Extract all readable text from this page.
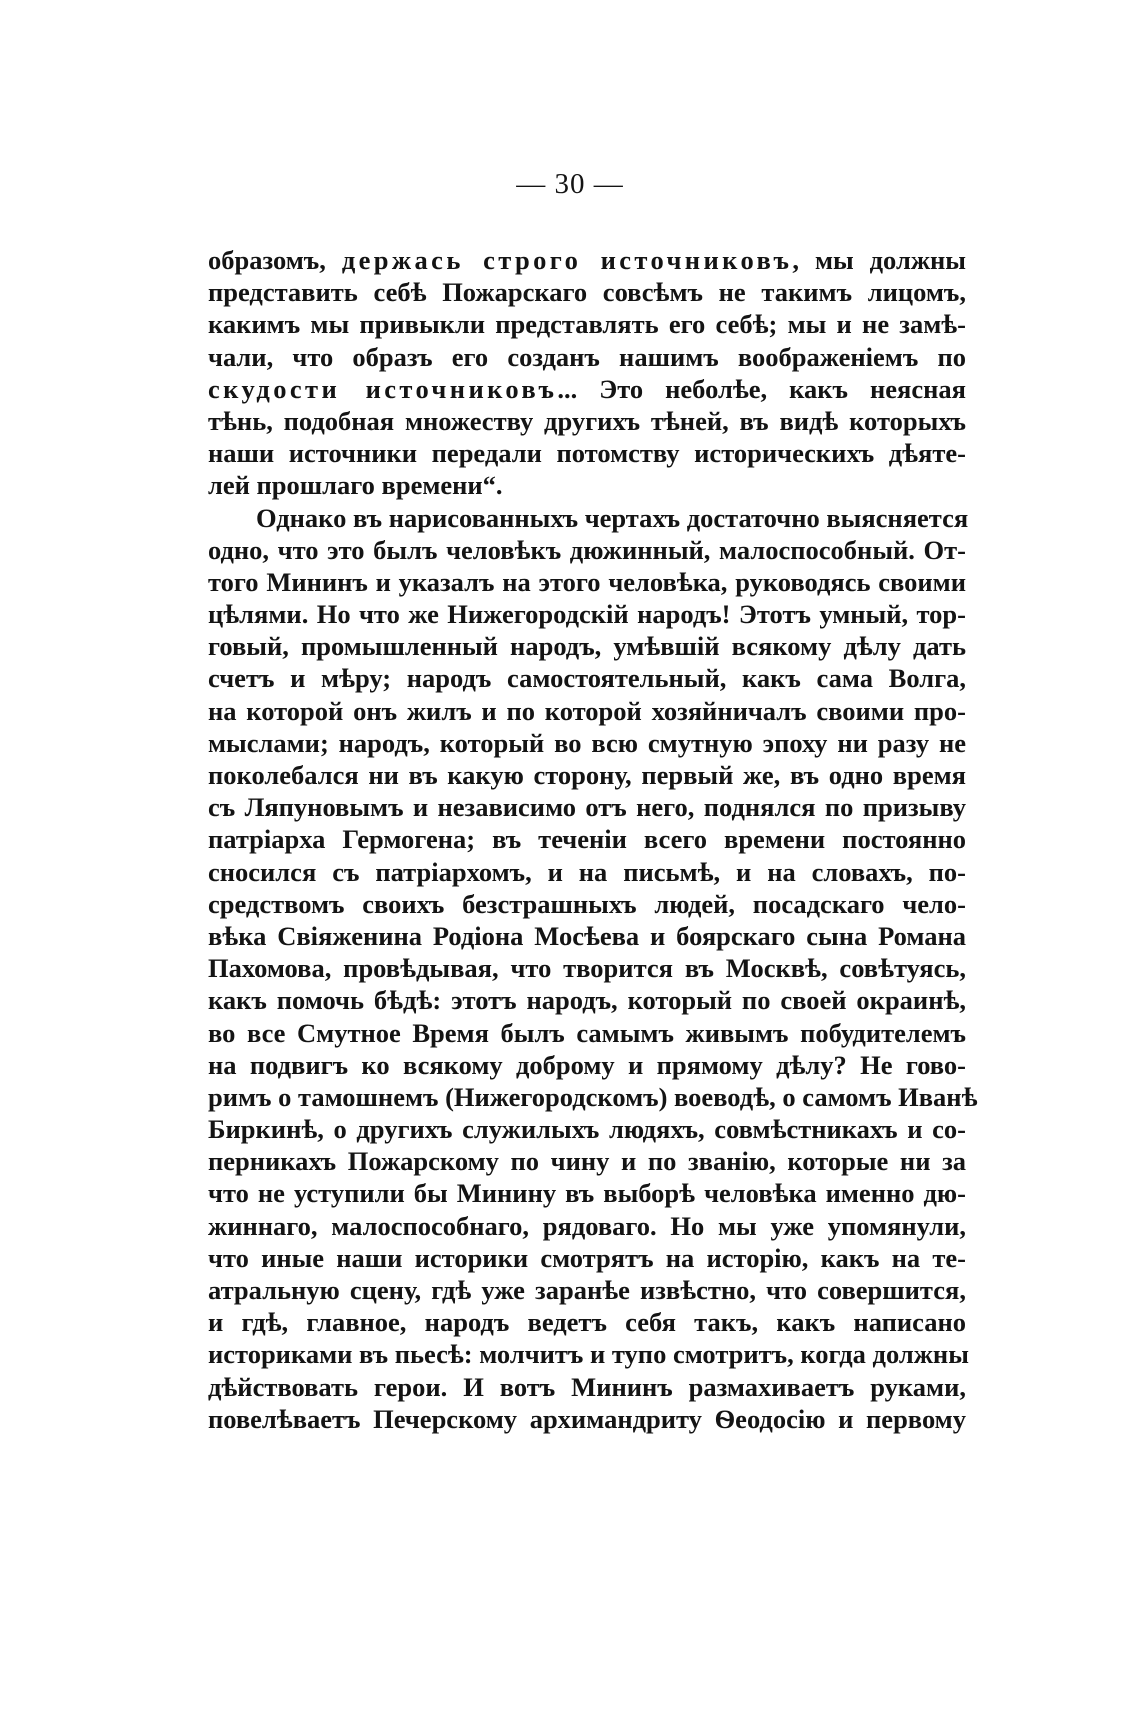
— 30 —
образомъ, держась строго источниковъ, мы должны
представить себѣ Пожарскаго совсѣмъ не такимъ лицомъ,
какимъ мы привыкли представлять его себѣ; мы и не замѣ-
чали, что образъ его созданъ нашимъ воображеніемъ по
скудости источниковъ... Это неболѣе, какъ неясная
тѣнь, подобная множеству другихъ тѣней, въ видѣ которыхъ
наши источники передали потомству историческихъ дѣяте-
лей прошлаго времени“.
Однако въ нарисованныхъ чертахъ достаточно выясняется
одно, что это былъ человѣкъ дюжинный, малоспособный. От-
того Мининъ и указалъ на этого человѣка, руководясь своими
цѣлями. Но что же Нижегородскій народъ! Этотъ умный, тор-
говый, промышленный народъ, умѣвшій всякому дѣлу дать
счетъ и мѣру; народъ самостоятельный, какъ сама Волга,
на которой онъ жилъ и по которой хозяйничалъ своими про-
мыслами; народъ, который во всю смутную эпоху ни разу не
поколебался ни въ какую сторону, первый же, въ одно время
съ Ляпуновымъ и независимо отъ него, поднялся по призыву
патріарха Гермогена; въ теченіи всего времени постоянно
сносился съ патріархомъ, и на письмѣ, и на словахъ, по-
средствомъ своихъ безстрашныхъ людей, посадскаго чело-
вѣка Свіяженина Родіона Мосѣева и боярскаго сына Романа
Пахомова, провѣдывая, что творится въ Москвѣ, совѣтуясь,
какъ помочь бѣдѣ: этотъ народъ, который по своей окраинѣ,
во все Смутное Время былъ самымъ живымъ побудителемъ
на подвигъ ко всякому доброму и прямому дѣлу? Не гово-
римъ о тамошнемъ (Нижегородскомъ) воеводѣ, о самомъ Иванѣ
Биркинѣ, о другихъ служилыхъ людяхъ, совмѣстникахъ и со-
перникахъ Пожарскому по чину и по званію, которые ни за
что не уступили бы Минину въ выборѣ человѣка именно дю-
жиннаго, малоспособнаго, рядоваго. Но мы уже упомянули,
что иные наши историки смотрятъ на исторію, какъ на те-
атральную сцену, гдѣ уже заранѣе извѣстно, что совершится,
и гдѣ, главное, народъ ведетъ себя такъ, какъ написано
историками въ пьесѣ: молчитъ и тупо смотритъ, когда должны
дѣйствовать герои. И вотъ Мининъ размахиваетъ руками,
повелѣваетъ Печерскому архимандриту Ѳеодосію и первому
